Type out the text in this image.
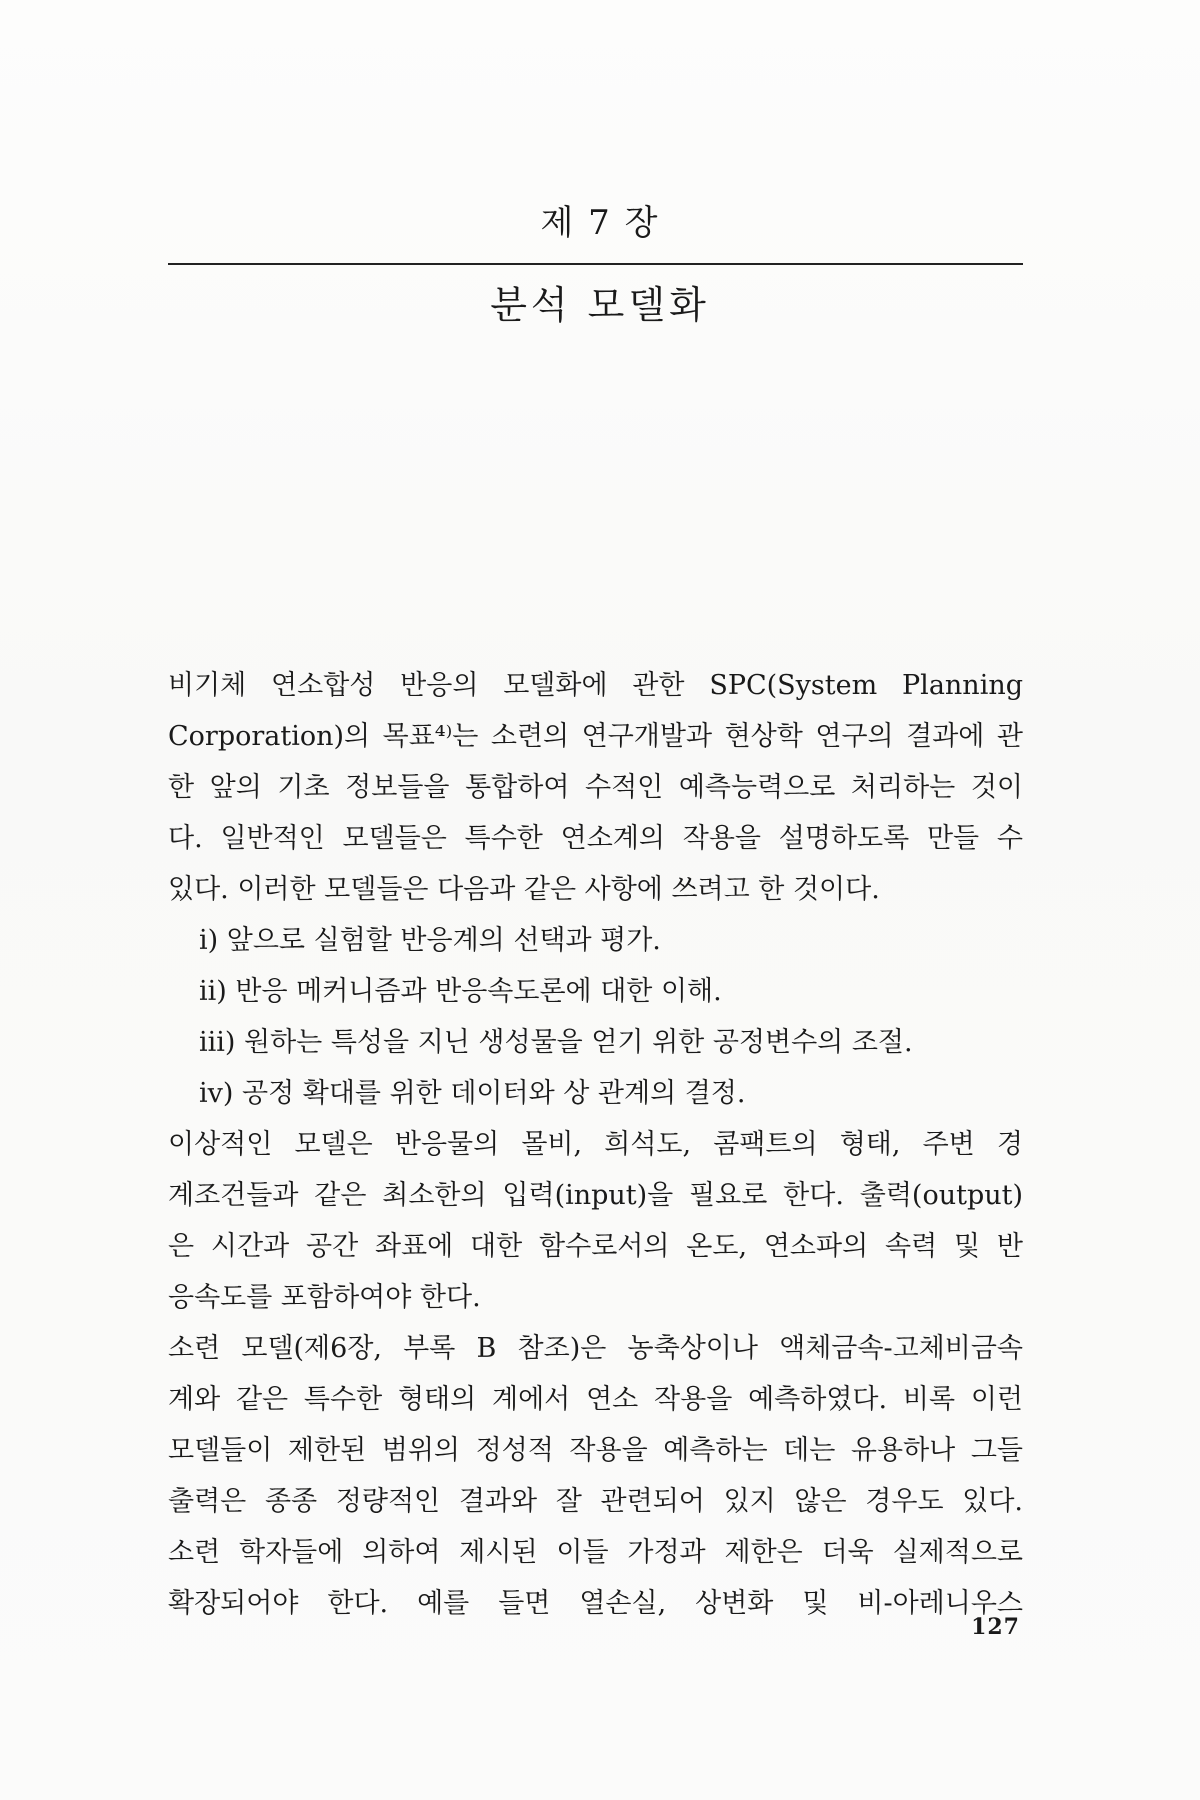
제 7 장
분석 모델화
비기체 연소합성 반응의 모델화에 관한 SPC(System Planning
Corporation)의 목표⁴⁾는 소련의 연구개발과 현상학 연구의 결과에 관
한 앞의 기초 정보들을 통합하여 수적인 예측능력으로 처리하는 것이
다. 일반적인 모델들은 특수한 연소계의 작용을 설명하도록 만들 수
있다. 이러한 모델들은 다음과 같은 사항에 쓰려고 한 것이다.
i) 앞으로 실험할 반응계의 선택과 평가.
ii) 반응 메커니즘과 반응속도론에 대한 이해.
iii) 원하는 특성을 지닌 생성물을 얻기 위한 공정변수의 조절.
iv) 공정 확대를 위한 데이터와 상 관계의 결정.
이상적인 모델은 반응물의 몰비, 희석도, 콤팩트의 형태, 주변 경
계조건들과 같은 최소한의 입력(input)을 필요로 한다. 출력(output)
은 시간과 공간 좌표에 대한 함수로서의 온도, 연소파의 속력 및 반
응속도를 포함하여야 한다.
소련 모델(제6장, 부록 B 참조)은 농축상이나 액체금속-고체비금속
계와 같은 특수한 형태의 계에서 연소 작용을 예측하였다. 비록 이런
모델들이 제한된 범위의 정성적 작용을 예측하는 데는 유용하나 그들
출력은 종종 정량적인 결과와 잘 관련되어 있지 않은 경우도 있다.
소련 학자들에 의하여 제시된 이들 가정과 제한은 더욱 실제적으로
확장되어야 한다. 예를 들면 열손실, 상변화 및 비-아레니우스
127
